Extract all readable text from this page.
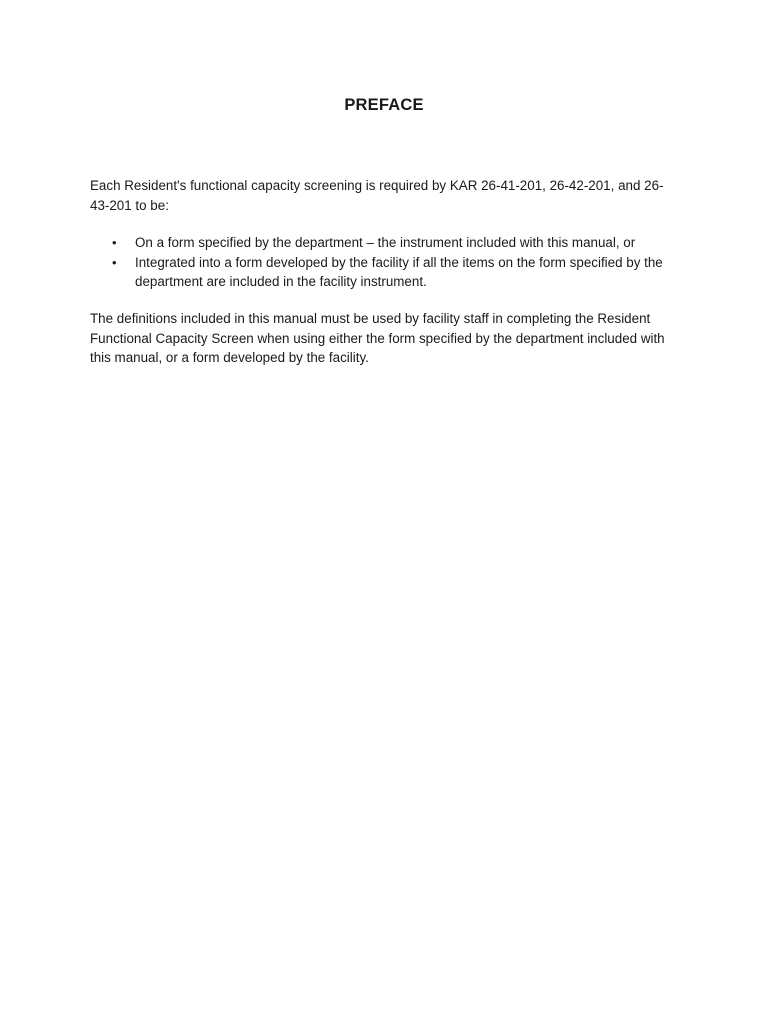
PREFACE

Each Resident's functional capacity screening is required by KAR 26-41-201, 26-42-201, and 26-43-201 to be:

• On a form specified by the department – the instrument included with this manual, or
• Integrated into a form developed by the facility if all the items on the form specified by the department are included in the facility instrument.

The definitions included in this manual must be used by facility staff in completing the Resident Functional Capacity Screen when using either the form specified by the department included with this manual, or a form developed by the facility.
